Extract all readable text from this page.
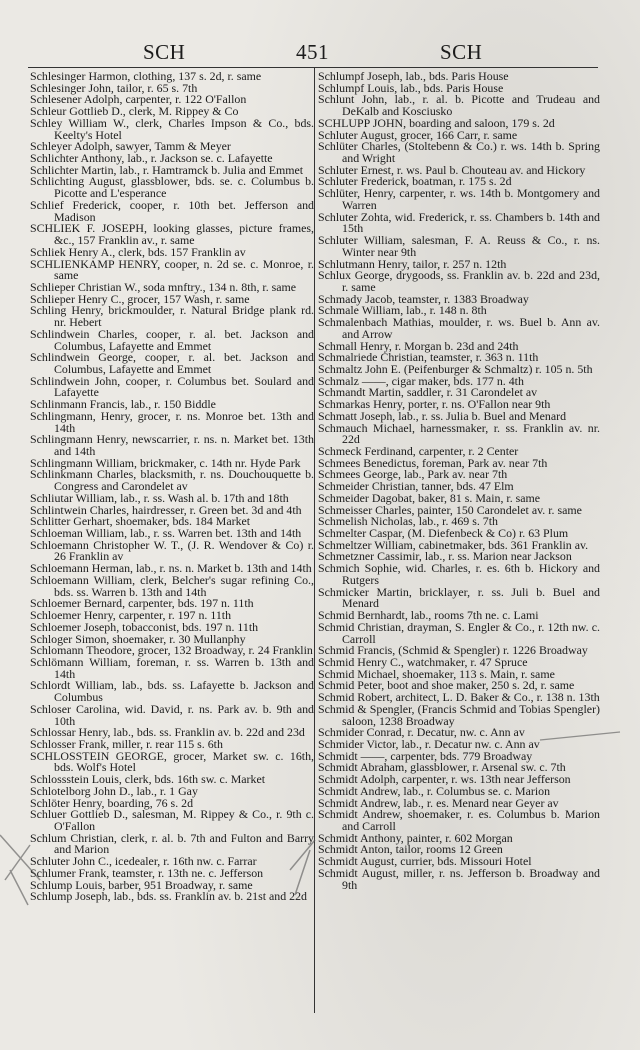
SCH	451	SCH
Schlesinger Harmon, clothing, 137 s. 2d, r. same
Schlesinger John, tailor, r. 65 s. 7th
Schlesener Adolph, carpenter, r. 122 O'Fallon
Schleur Gottlieb D., clerk, M. Rippey & Co
Schley William W., clerk, Charles Impson & Co., bds. Keelty's Hotel
Schleyer Adolph, sawyer, Tamm & Meyer
Schlichter Anthony, lab., r. Jackson se. c. Lafayette
Schlichter Martin, lab., r. Hamtramck b. Julia and Emmet
Schlichting August, glassblower, bds. se. c. Columbus b. Picotte and L'esperance
Schlief Frederick, cooper, r. 10th bet. Jefferson and Madison
SCHLIEK F. JOSEPH, looking glasses, picture frames, &c., 157 Franklin av., r. same
Schliek Henry A., clerk, bds. 157 Franklin av
SCHLIENKAMP HENRY, cooper, n. 2d se. c. Monroe, r. same
Schlieper Christian W., soda mnftry., 134 n. 8th, r. same
Schlieper Henry C., grocer, 157 Wash, r. same
Schling Henry, brickmoulder, r. Natural Bridge plank rd. nr. Hebert
Schlindwein Charles, cooper, r. al. bet. Jackson and Columbus, Lafayette and Emmet
Schlindwein George, cooper, r. al. bet. Jackson and Columbus, Lafayette and Emmet
Schlindwein John, cooper, r. Columbus bet. Soulard and Lafayette
Schlinmann Francis, lab., r. 150 Biddle
Schlingmann, Henry, grocer, r. ns. Monroe bet. 13th and 14th
Schlingmann Henry, newscarrier, r. ns. n. Market bet. 13th and 14th
Schlingmann William, brickmaker, c. 14th nr. Hyde Park
Schlinkmann Charles, blacksmith, r. ns. Douchouquette b. Congress and Carondelet av
Schliutar William, lab., r. ss. Wash al. b. 17th and 18th
Schlintwein Charles, hairdresser, r. Green bet. 3d and 4th
Schlitter Gerhart, shoemaker, bds. 184 Market
Schloeman William, lab., r. ss. Warren bet. 13th and 14th
Schloemann Christopher W. T., (J. R. Wendover & Co) r. 26 Franklin av
Schloemann Herman, lab., r. ns. n. Market b. 13th and 14th
Schloemann William, clerk, Belcher's sugar refining Co., bds. ss. Warren b. 13th and 14th
Schloemer Bernard, carpenter, bds. 197 n. 11th
Schloemer Henry, carpenter, r. 197 n. 11th
Schloemer Joseph, tobacconist, bds. 197 n. 11th
Schloger Simon, shoemaker, r. 30 Mullanphy
Schlomann Theodore, grocer, 132 Broadway, r. 24 Franklin
Schlömann William, foreman, r. ss. Warren b. 13th and 14th
Schlordt William, lab., bds. ss. Lafayette b. Jackson and Columbus
Schloser Carolina, wid. David, r. ns. Park av. b. 9th and 10th
Schlossar Henry, lab., bds. ss. Franklin av. b. 22d and 23d
Schlosser Frank, miller, r. rear 115 s. 6th
SCHLOSSTEIN GEORGE, grocer, Market sw. c. 16th, bds. Wolf's Hotel
Schlossstein Louis, clerk, bds. 16th sw. c. Market
Schlotelborg John D., lab., r. 1 Gay
Schlöter Henry, boarding, 76 s. 2d
Schluer Gottlieb D., salesman, M. Rippey & Co., r. 9th c. O'Fallon
Schlum Christian, clerk, r. al. b. 7th and Fulton and Barry and Marion
Schluter John C., icedealer, r. 16th nw. c. Farrar
Schlumer Frank, teamster, r. 13th ne. c. Jefferson
Schlump Louis, barber, 951 Broadway, r. same
Schlump Joseph, lab., bds. ss. Franklin av. b. 21st and 22d
Schlumpf Joseph, lab., bds. Paris House
Schlumpf Louis, lab., bds. Paris House
Schlunt John, lab., r. al. b. Picotte and Trudeau and DeKalb and Kosciusko
SCHLUPP JOHN, boarding and saloon, 179 s. 2d
Schluter August, grocer, 166 Carr, r. same
Schlüter Charles, (Stoltebenn & Co.) r. ws. 14th b. Spring and Wright
Schluter Ernest, r. ws. Paul b. Chouteau av. and Hickory
Schluter Frederick, boatman, r. 175 s. 2d
Schlüter, Henry, carpenter, r. ws. 14th b. Montgomery and Warren
Schluter Zohta, wid. Frederick, r. ss. Chambers b. 14th and 15th
Schluter William, salesman, F. A. Reuss & Co., r. ns. Winter near 9th
Schlutmann Henry, tailor, r. 257 n. 12th
Schlux George, drygoods, ss. Franklin av. b. 22d and 23d, r. same
Schmady Jacob, teamster, r. 1383 Broadway
Schmale William, lab., r. 148 n. 8th
Schmalenbach Mathias, moulder, r. ws. Buel b. Ann av. and Arrow
Schmall Henry, r. Morgan b. 23d and 24th
Schmalriede Christian, teamster, r. 363 n. 11th
Schmaltz John E. (Peifenburger & Schmaltz) r. 105 n. 5th
Schmalz ——, cigar maker, bds. 177 n. 4th
Schmandt Martin, saddler, r. 31 Carondelet av
Schmarkas Henry, porter, r. ns. O'Fallon near 9th
Schmatt Joseph, lab., r. ss. Julia b. Buel and Menard
Schmauch Michael, harnessmaker, r. ss. Franklin av. nr. 22d
Schmeck Ferdinand, carpenter, r. 2 Center
Schmees Benedictus, foreman, Park av. near 7th
Schmees George, lab., Park av. near 7th
Schmeider Christian, tanner, bds. 47 Elm
Schmeider Dagobat, baker, 81 s. Main, r. same
Schmeisser Charles, painter, 150 Carondelet av. r. same
Schmelish Nicholas, lab., r. 469 s. 7th
Schmelter Caspar, (M. Diefenbeck & Co) r. 63 Plum
Schmeltzer William, cabinetmaker, bds. 361 Franklin av.
Schmetzner Cassimir, lab., r. ss. Marion near Jackson
Schmich Sophie, wid. Charles, r. es. 6th b. Hickory and Rutgers
Schmicker Martin, bricklayer, r. ss. Juli b. Buel and Menard
Schmid Bernhardt, lab., rooms 7th ne. c. Lami
Schmid Christian, drayman, S. Engler & Co., r. 12th nw. c. Carroll
Schmid Francis, (Schmid & Spengler) r. 1226 Broadway
Schmid Henry C., watchmaker, r. 47 Spruce
Schmid Michael, shoemaker, 113 s. Main, r. same
Schmid Peter, boot and shoe maker, 250 s. 2d, r. same
Schmid Robert, architect, L. D. Baker & Co., r. 138 n. 13th
Schmid & Spengler, (Francis Schmid and Tobias Spengler) saloon, 1238 Broadway
Schmider Conrad, r. Decatur, nw. c. Ann av
Schmider Victor, lab., r. Decatur nw. c. Ann av
Schmidt ——, carpenter, bds. 779 Broadway
Schmidt Abraham, glassblower, r. Arsenal sw. c. 7th
Schmidt Adolph, carpenter, r. ws. 13th near Jefferson
Schmidt Andrew, lab., r. Columbus se. c. Marion
Schmidt Andrew, lab., r. es. Menard near Geyer av
Schmidt Andrew, shoemaker, r. es. Columbus b. Marion and Carroll
Schmidt Anthony, painter, r. 602 Morgan
Schmidt Anton, tailor, rooms 12 Green
Schmidt August, currier, bds. Missouri Hotel
Schmidt August, miller, r. ns. Jefferson b. Broadway and 9th
